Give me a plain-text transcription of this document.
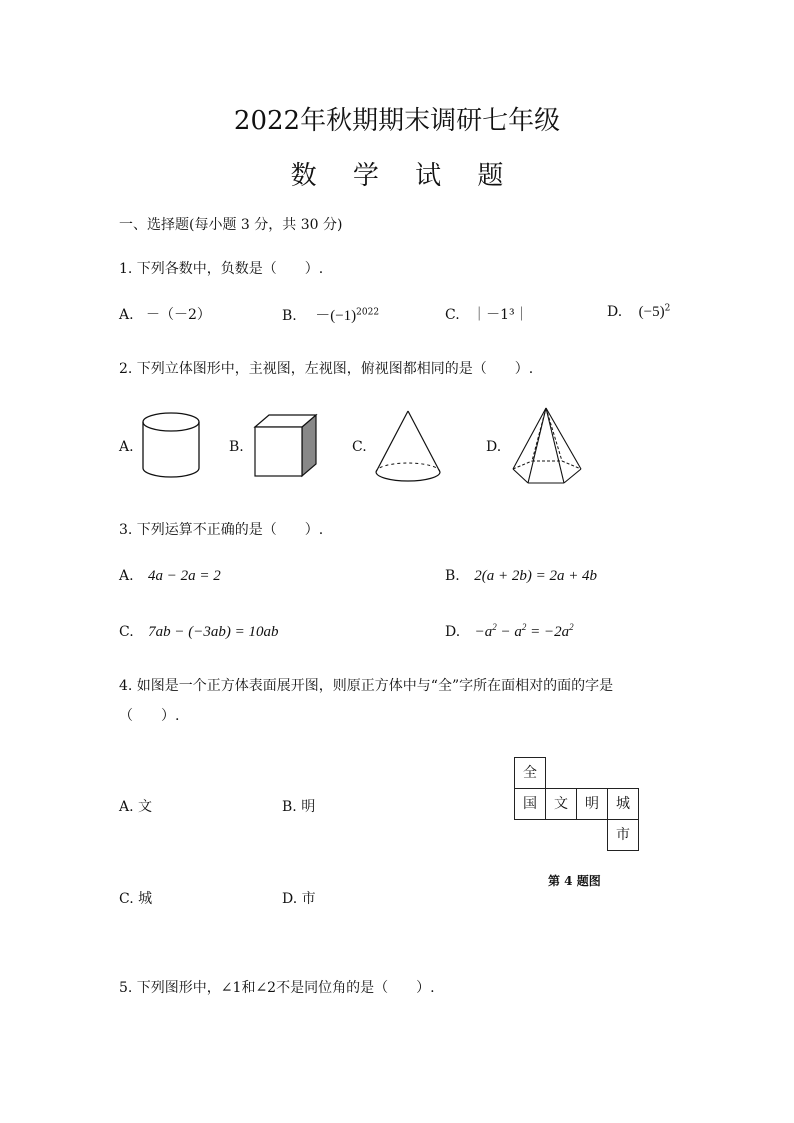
2022年秋期期末调研七年级
数 学 试 题
一、选择题(每小题 3 分，共 30 分)
1. 下列各数中，负数是（　　）.
A. －（－2）	B. $-(-1)^{2022}$	C. ｜－1³｜	D. $(-5)^2$
2. 下列立体图形中，主视图，左视图，俯视图都相同的是（　　）.
A.	B.	C.	D.
3. 下列运算不正确的是（　　）.
A. 4a − 2a = 2	B. 2(a + 2b) = 2a + 4b
C. 7ab − (−3ab) = 10ab	D. $-a^2 - a^2 = -2a^2$
4. 如图是一个正方体表面展开图，则原正方体中与“全”字所在面相对的面的字是
（　　）.
A. 文	B. 明
C. 城	D. 市
全
国	文	明	城
市
第 4 题图
5. 下列图形中，∠1和∠2不是同位角的是（　　）.
